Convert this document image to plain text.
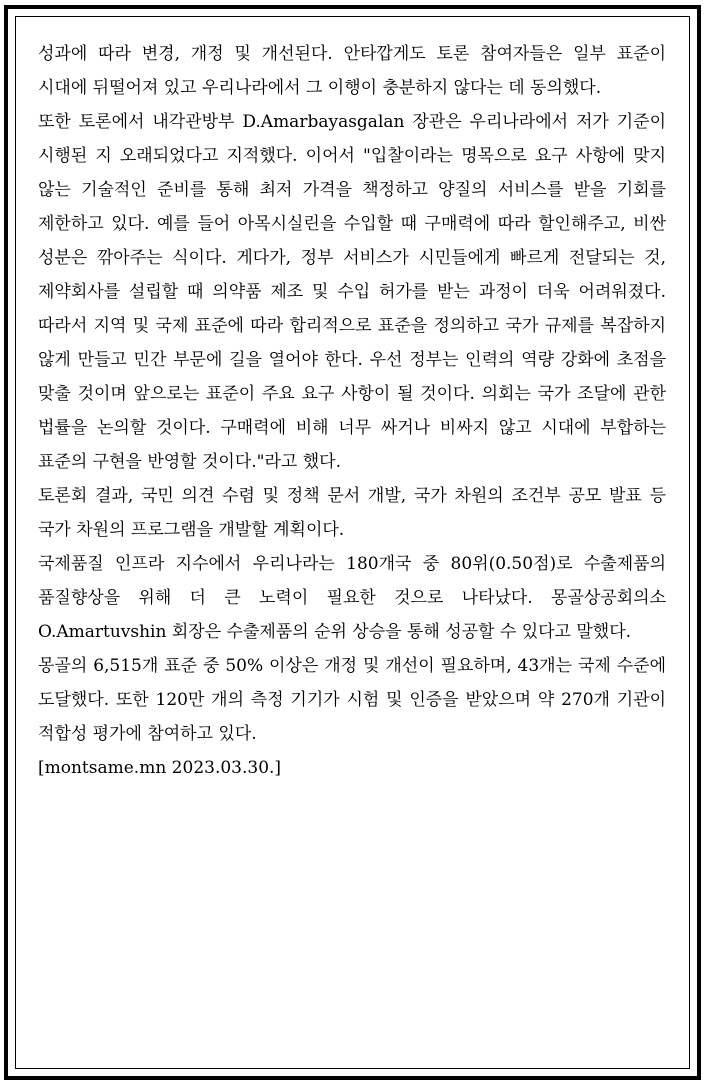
성과에 따라 변경, 개정 및 개선된다. 안타깝게도 토론 참여자들은 일부 표준이 시대에 뒤떨어져 있고 우리나라에서 그 이행이 충분하지 않다는 데 동의했다.

또한 토론에서 내각관방부 D.Amarbayasgalan 장관은 우리나라에서 저가 기준이 시행된 지 오래되었다고 지적했다. 이어서 "입찰이라는 명목으로 요구 사항에 맞지 않는 기술적인 준비를 통해 최저 가격을 책정하고 양질의 서비스를 받을 기회를 제한하고 있다. 예를 들어 아목시실린을 수입할 때 구매력에 따라 할인해주고, 비싼 성분은 깎아주는 식이다. 게다가, 정부 서비스가 시민들에게 빠르게 전달되는 것, 제약회사를 설립할 때 의약품 제조 및 수입 허가를 받는 과정이 더욱 어려워졌다. 따라서 지역 및 국제 표준에 따라 합리적으로 표준을 정의하고 국가 규제를 복잡하지 않게 만들고 민간 부문에 길을 열어야 한다. 우선 정부는 인력의 역량 강화에 초점을 맞출 것이며 앞으로는 표준이 주요 요구 사항이 될 것이다. 의회는 국가 조달에 관한 법률을 논의할 것이다. 구매력에 비해 너무 싸거나 비싸지 않고 시대에 부합하는 표준의 구현을 반영할 것이다."라고 했다.

토론회 결과, 국민 의견 수렴 및 정책 문서 개발, 국가 차원의 조건부 공모 발표 등 국가 차원의 프로그램을 개발할 계획이다.

국제품질 인프라 지수에서 우리나라는 180개국 중 80위(0.50점)로 수출제품의 품질향상을 위해 더 큰 노력이 필요한 것으로 나타났다. 몽골상공회의소 O.Amartuvshin 회장은 수출제품의 순위 상승을 통해 성공할 수 있다고 말했다.

몽골의 6,515개 표준 중 50% 이상은 개정 및 개선이 필요하며, 43개는 국제 수준에 도달했다. 또한 120만 개의 측정 기기가 시험 및 인증을 받았으며 약 270개 기관이 적합성 평가에 참여하고 있다.

[montsame.mn 2023.03.30.]
